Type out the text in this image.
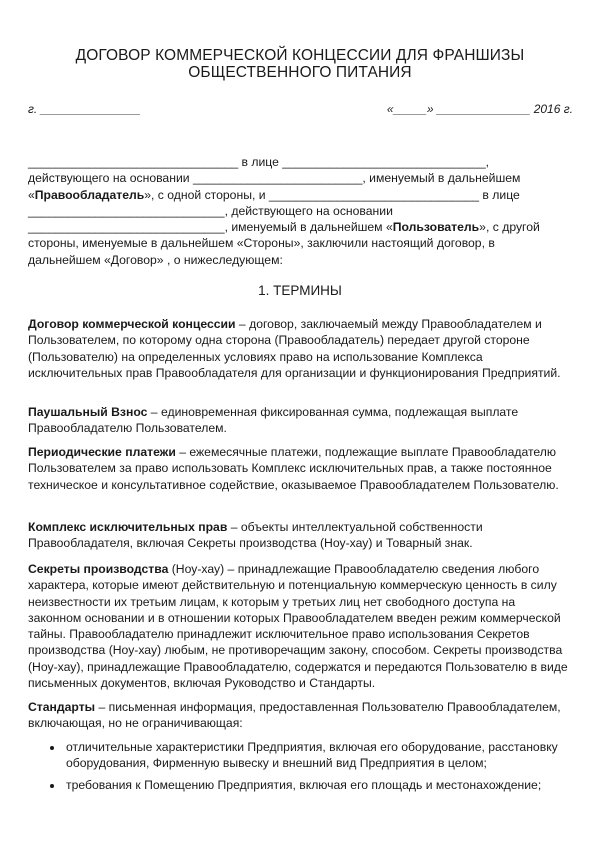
ДОГОВОР КОММЕРЧЕСКОЙ КОНЦЕССИИ ДЛЯ ФРАНШИЗЫ
ОБЩЕСТВЕННОГО ПИТАНИЯ
г. _______________	«_____» ______________ 2016 г.

_______________________________ в лице ______________________________, действующего на основании _________________________, именуемый в дальнейшем «Правообладатель», с одной стороны, и _______________________________ в лице _____________________________, действующего на основании _____________________________, именуемый в дальнейшем «Пользователь», с другой стороны, именуемые в дальнейшем «Стороны», заключили настоящий договор, в дальнейшем «Договор» , о нижеследующем:

1. ТЕРМИНЫ

Договор коммерческой концессии – договор, заключаемый между Правообладателем и Пользователем, по которому одна сторона (Правообладатель) передает другой стороне (Пользователю) на определенных условиях право на использование Комплекса исключительных прав Правообладателя для организации и функционирования Предприятий.

Паушальный Взнос – единовременная фиксированная сумма, подлежащая выплате Правообладателю Пользователем.

Периодические платежи – ежемесячные платежи, подлежащие выплате Правообладателю Пользователем за право использовать Комплекс исключительных прав, а также постоянное техническое и консультативное содействие, оказываемое Правообладателем Пользователю.

Комплекс исключительных прав – объекты интеллектуальной собственности Правообладателя, включая Секреты производства (Ноу-хау) и Товарный знак.

Секреты производства (Ноу-хау) – принадлежащие Правообладателю сведения любого характера, которые имеют действительную и потенциальную коммерческую ценность в силу неизвестности их третьим лицам, к которым у третьих лиц нет свободного доступа на законном основании и в отношении которых Правообладателем введен режим коммерческой тайны. Правообладателю принадлежит исключительное право использования Секретов производства (Ноу-хау) любым, не противоречащим закону, способом. Секреты производства (Ноу-хау), принадлежащие Правообладателю, содержатся и передаются Пользователю в виде письменных документов, включая Руководство и Стандарты.

Стандарты – письменная информация, предоставленная Пользователю Правообладателем, включающая, но не ограничивающая:

• отличительные характеристики Предприятия, включая его оборудование, расстановку оборудования, Фирменную вывеску и внешний вид Предприятия в целом;
• требования к Помещению Предприятия, включая его площадь и местонахождение;
